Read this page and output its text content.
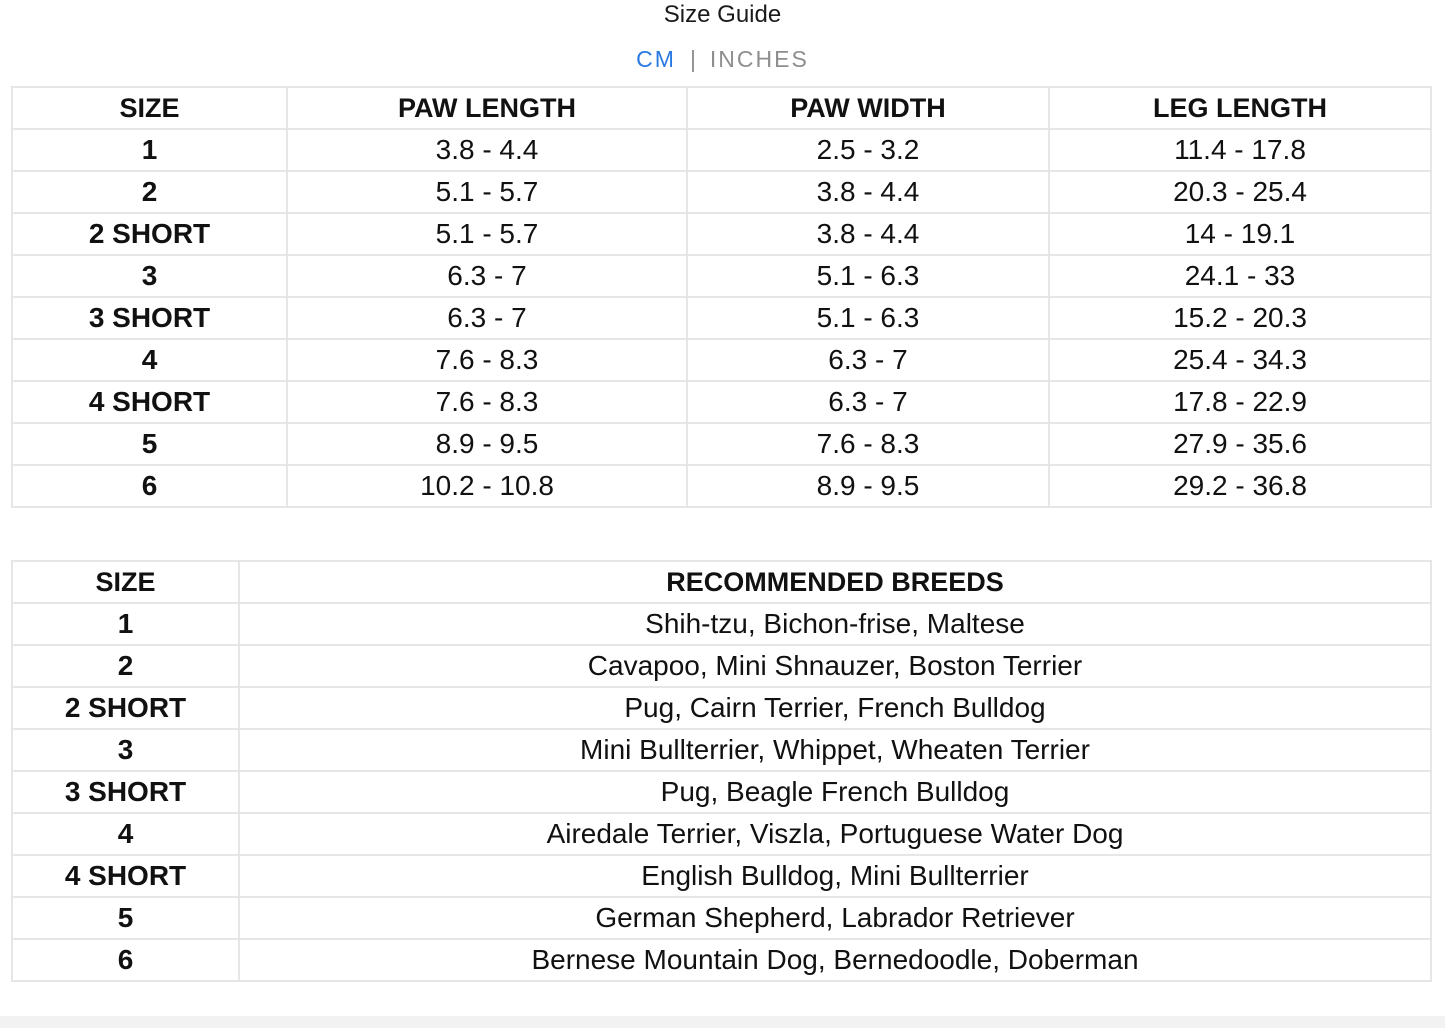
Size Guide
CM | INCHES
SIZE	PAW LENGTH	PAW WIDTH	LEG LENGTH
1	3.8 - 4.4	2.5 - 3.2	11.4 - 17.8
2	5.1 - 5.7	3.8 - 4.4	20.3 - 25.4
2 SHORT	5.1 - 5.7	3.8 - 4.4	14 - 19.1
3	6.3 - 7	5.1 - 6.3	24.1 - 33
3 SHORT	6.3 - 7	5.1 - 6.3	15.2 - 20.3
4	7.6 - 8.3	6.3 - 7	25.4 - 34.3
4 SHORT	7.6 - 8.3	6.3 - 7	17.8 - 22.9
5	8.9 - 9.5	7.6 - 8.3	27.9 - 35.6
6	10.2 - 10.8	8.9 - 9.5	29.2 - 36.8
SIZE	RECOMMENDED BREEDS
1	Shih-tzu, Bichon-frise, Maltese
2	Cavapoo, Mini Shnauzer, Boston Terrier
2 SHORT	Pug, Cairn Terrier, French Bulldog
3	Mini Bullterrier, Whippet, Wheaten Terrier
3 SHORT	Pug, Beagle French Bulldog
4	Airedale Terrier, Viszla, Portuguese Water Dog
4 SHORT	English Bulldog, Mini Bullterrier
5	German Shepherd, Labrador Retriever
6	Bernese Mountain Dog, Bernedoodle, Doberman
